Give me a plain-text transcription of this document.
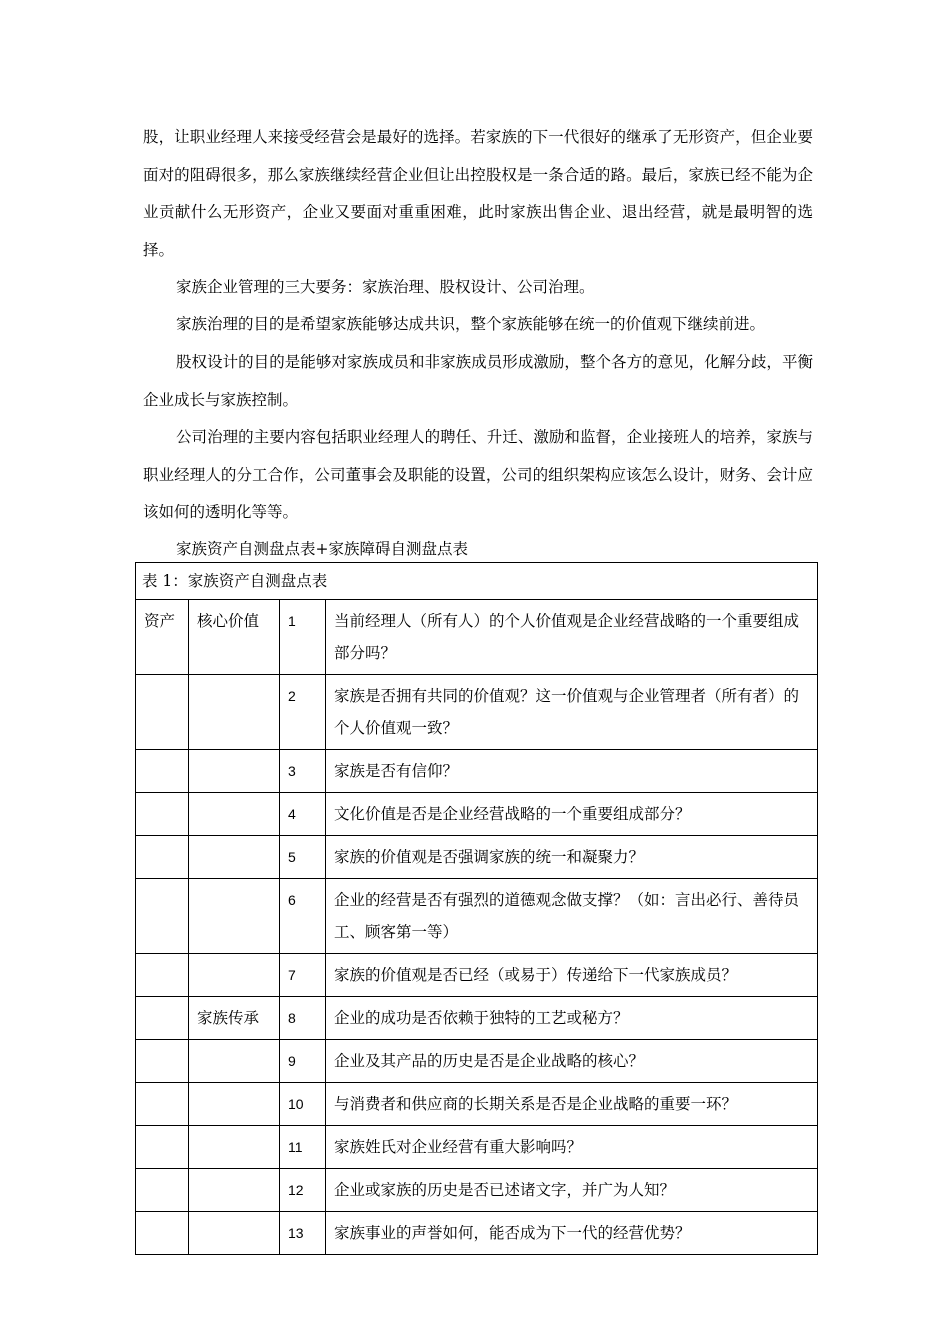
股，让职业经理人来接受经营会是最好的选择。若家族的下一代很好的继承了无形资产，但企业要面对的阻碍很多，那么家族继续经营企业但让出控股权是一条合适的路。最后，家族已经不能为企业贡献什么无形资产，企业又要面对重重困难，此时家族出售企业、退出经营，就是最明智的选择。

家族企业管理的三大要务：家族治理、股权设计、公司治理。

家族治理的目的是希望家族能够达成共识，整个家族能够在统一的价值观下继续前进。

股权设计的目的是能够对家族成员和非家族成员形成激励，整个各方的意见，化解分歧，平衡企业成长与家族控制。

公司治理的主要内容包括职业经理人的聘任、升迁、激励和监督，企业接班人的培养，家族与职业经理人的分工合作，公司董事会及职能的设置，公司的组织架构应该怎么设计，财务、会计应该如何的透明化等等。

家族资产自测盘点表+家族障碍自测盘点表

表 1：家族资产自测盘点表			
资产	核心价值	1	当前经理人（所有人）的个人价值观是企业经营战略的一个重要组成部分吗？
		2	家族是否拥有共同的价值观？这一价值观与企业管理者（所有者）的个人价值观一致？
		3	家族是否有信仰？
		4	文化价值是否是企业经营战略的一个重要组成部分？
		5	家族的价值观是否强调家族的统一和凝聚力？
		6	企业的经营是否有强烈的道德观念做支撑？（如：言出必行、善待员工、顾客第一等）
		7	家族的价值观是否已经（或易于）传递给下一代家族成员？
	家族传承	8	企业的成功是否依赖于独特的工艺或秘方？
		9	企业及其产品的历史是否是企业战略的核心？
		10	与消费者和供应商的长期关系是否是企业战略的重要一环？
		11	家族姓氏对企业经营有重大影响吗？
		12	企业或家族的历史是否已述诸文字，并广为人知？
		13	家族事业的声誉如何，能否成为下一代的经营优势？
